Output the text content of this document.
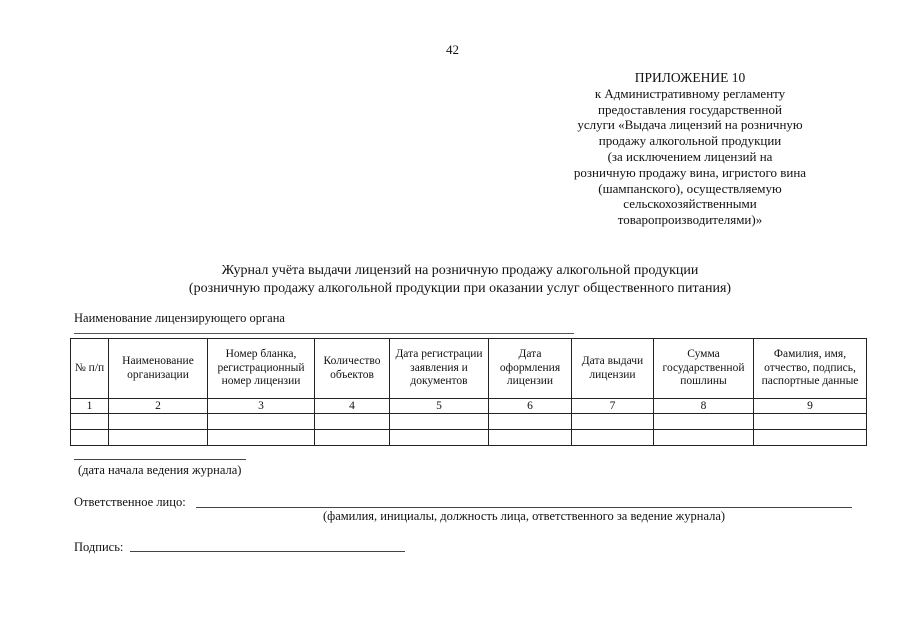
42
ПРИЛОЖЕНИЕ 10
к Административному регламенту
предоставления государственной
услуги «Выдача лицензий на розничную
продажу алкогольной продукции
(за исключением лицензий на
розничную продажу вина, игристого вина
(шампанского), осуществляемую
сельскохозяйственными
товаропроизводителями)»
Журнал учёта выдачи лицензий на розничную продажу алкогольной продукции
(розничную продажу алкогольной продукции при оказании услуг общественного питания)
Наименование лицензирующего органа
№ п/п	Наименование организации	Номер бланка, регистрационный номер лицензии	Количество объектов	Дата регистрации заявления и документов	Дата оформления лицензии	Дата выдачи лицензии	Сумма государственной пошлины	Фамилия, имя, отчество, подпись, паспортные данные
1	2	3	4	5	6	7	8	9

(дата начала ведения журнала)
Ответственное лицо:
(фамилия, инициалы, должность лица, ответственного за ведение журнала)
Подпись:
